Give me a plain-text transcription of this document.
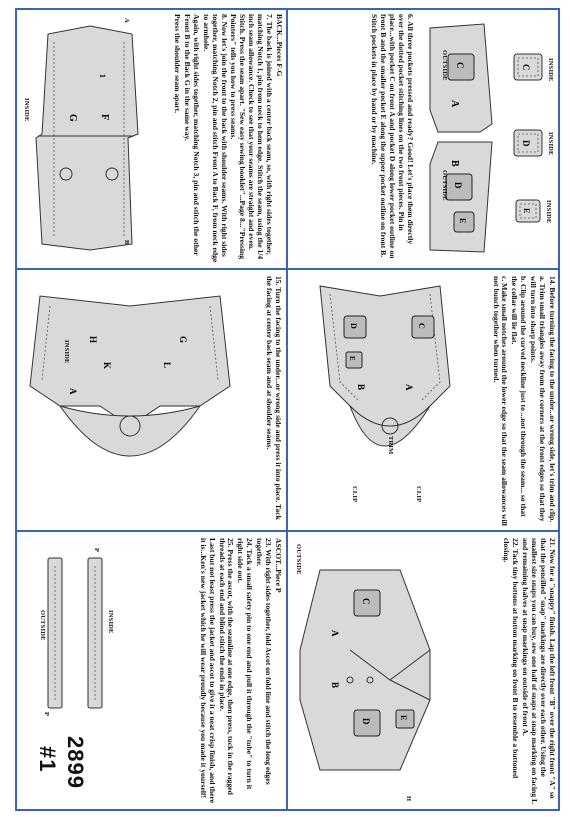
6. All three pockets pressed and ready? Good! Let's place them directly over the dotted pocket stitching lines on the two front pieces. Pin in place...with pocket C on front A and pocket D along lower pocket outline on front B and the smaller pocket E along the upper pocket outline on front B. Stitch pockets in place by hand or by machine.	C
D
E
C
A
D
E
B
INSIDE
INSIDE
INSIDE
OUTSIDE
OUTSIDE

BACK...Pieces F-G

7. The back is joined with a center back seam, so, with right sides together, matching Notch 1, pin from neck to hem edge. Stitch the seam, using the 1/4 inch seam allowance. Check to see that your seams are straight and even. Stitch. Press the seam apart. "Sew easy sewing booklet"...Page 8..."Pressing Pointers" tells you how to press seams.

8. Now let's join the front to the back with shoulder seams. With right sides together, matching Notch 2, pin and stitch Front A to Back F, from neck edge to armhole.

Again, with right sides together, matching Notch 3, pin and stitch the other Front B to the Back G in the same way.

Press the shoulder seam apart.

F
G
1
INSIDE
A
B

14. Before turning the facing to the under...or wrong side, let's trim and clip.

a. Trim small triangles away from the corners at the front edges so that they will turn into sharp points.

b. Clip around the curved neckline just to ...not through the seam... so that the collar will lie flat.

c. Make small notches around the lower edge so that the seam allowances will not bunch together when turned.

C
D
E
A
B
TRIM
CLIP
CLIP
15. Turn the facing to the under...or wrong side and press it into place. Tack the facing at center back seam and at shoulder seams.
G
L
H
K
A
INSIDE

21. Now for a "snappy" finish. Lap the left front "B" over the right front "A" so that the pencilled "snap" markings are directly over each other. Using the smallest size snaps you can buy, sew one half of snaps at snap marking on facing L and remaining halves at snap markings on outside of front A.

22. Tack tiny buttons at button marking on front B to resemble a buttoned closing.

C
D
E
A
B
OUTSIDE
H

ASCOT...Piece P

23. With right sides together, fold Ascot on fold line and stitch the long edges together.

24. Tack a small safety pin to one end and pull it through the "tube" to turn it right side out.

25. Press the ascot, with the seamline at one edge, then press, tuck in the ragged threads at each end and blind stitch the ends in place.

Last but not least press the jacket and ascot to give it a neat crisp finish, and there it is...Ken's new jacket which he will wear proudly because you made it yourself!

INSIDE
OUTSIDE
P
P
2899
#1
